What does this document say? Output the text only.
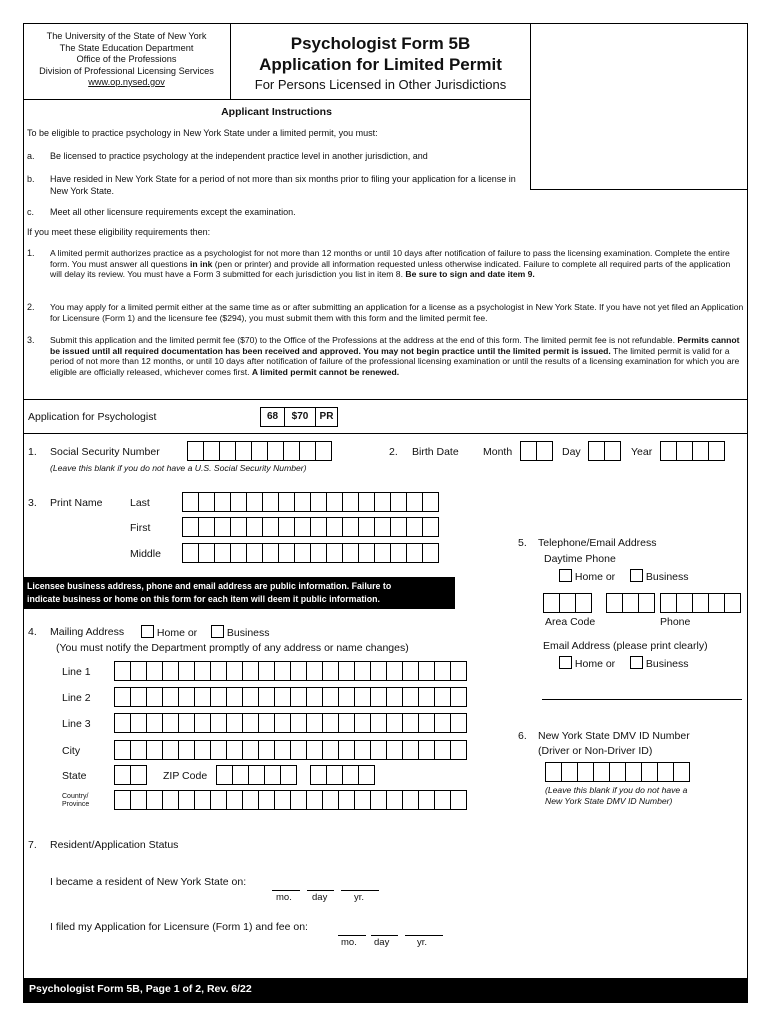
The University of the State of New York
The State Education Department
Office of the Professions
Division of Professional Licensing Services
www.op.nysed.gov
Psychologist Form 5B
Application for Limited Permit
For Persons Licensed in Other Jurisdictions
Applicant Instructions
To be eligible to practice psychology in New York State under a limited permit, you must:
a. Be licensed to practice psychology at the independent practice level in another jurisdiction, and
b. Have resided in New York State for a period of not more than six months prior to filing your application for a license in New York State.
c. Meet all other licensure requirements except the examination.
If you meet these eligibility requirements then:
1. A limited permit authorizes practice as a psychologist for not more than 12 months or until 10 days after notification of failure to pass the licensing examination. Complete the entire form. You must answer all questions in ink (pen or printer) and provide all information requested unless otherwise indicated. Failure to complete all required parts of the application will delay its review. You must have a Form 3 submitted for each jurisdiction you list in item 8. Be sure to sign and date item 9.
2. You may apply for a limited permit either at the same time as or after submitting an application for a license as a psychologist in New York State. If you have not yet filed an Application for Licensure (Form 1) and the licensure fee ($294), you must submit them with this form and the limited permit fee.
3. Submit this application and the limited permit fee ($70) to the Office of the Professions at the address at the end of this form. The limited permit fee is not refundable. Permits cannot be issued until all required documentation has been received and approved. You may not begin practice until the limited permit is issued. The limited permit is valid for a period of not more than 12 months, or until 10 days after notification of failure of the professional licensing examination or until the results of a licensing examination for which you are eligible are officially released, whichever comes first. A limited permit cannot be renewed.
Application for Psychologist	68	$70	PR
1. Social Security Number
(Leave this blank if you do not have a U.S. Social Security Number)
2. Birth Date Month	Day	Year
3. Print Name	Last
First
Middle
Licensee business address, phone and email address are public information. Failure to
indicate business or home on this form for each item will deem it public information.
4. Mailing Address	Home or	Business
(You must notify the Department promptly of any address or name changes)
Line 1
Line 2
Line 3
City
State	ZIP Code
Country/
Province
5. Telephone/Email Address
Daytime Phone
Home or	Business
Area Code	Phone
Email Address (please print clearly)
Home or	Business
6. New York State DMV ID Number
(Driver or Non-Driver ID)
(Leave this blank if you do not have a
New York State DMV ID Number)
7. Resident/Application Status
I became a resident of New York State on:
mo. day	yr.
I filed my Application for Licensure (Form 1) and fee on:
mo. day	yr.
Psychologist Form 5B, Page 1 of 2, Rev. 6/22
